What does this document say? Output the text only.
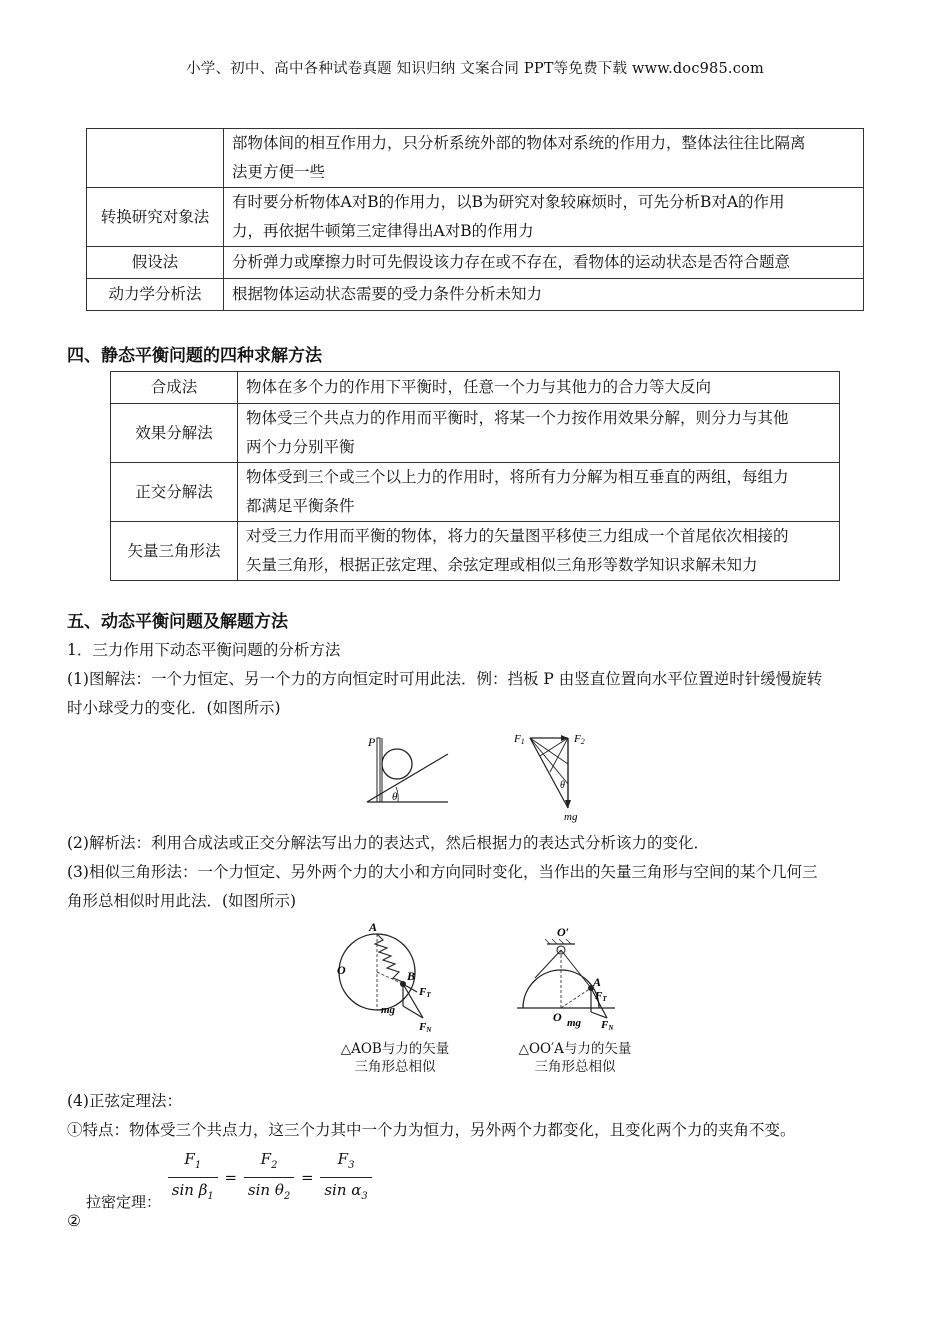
小学、初中、高中各种试卷真题 知识归纳 文案合同 PPT等免费下载 www.doc985.com
	部物体间的相互作用力，只分析系统外部的物体对系统的作用力，整体法往往比隔离
法更方便一些
转换研究对象法	有时要分析物体A对B的作用力，以B为研究对象较麻烦时，可先分析B对A的作用
力，再依据牛顿第三定律得出A对B的作用力
假设法	分析弹力或摩擦力时可先假设该力存在或不存在，看物体的运动状态是否符合题意
动力学分析法	根据物体运动状态需要的受力条件分析未知力
四、静态平衡问题的四种求解方法
合成法	物体在多个力的作用下平衡时，任意一个力与其他力的合力等大反向
效果分解法	物体受三个共点力的作用而平衡时，将某一个力按作用效果分解，则分力与其他
两个力分别平衡
正交分解法	物体受到三个或三个以上力的作用时，将所有力分解为相互垂直的两组，每组力
都满足平衡条件
矢量三角形法	对受三力作用而平衡的物体，将力的矢量图平移使三力组成一个首尾依次相接的
矢量三角形，根据正弦定理、余弦定理或相似三角形等数学知识求解未知力
五、动态平衡问题及解题方法
1．三力作用下动态平衡问题的分析方法
(1)图解法：一个力恒定、另一个力的方向恒定时可用此法．例：挡板 P 由竖直位置向水平位置逆时针缓慢旋转
时小球受力的变化．(如图所示)
P
θ
F1	F2
θ
mg
(2)解析法：利用合成法或正交分解法写出力的表达式，然后根据力的表达式分析该力的变化．
(3)相似三角形法：一个力恒定、另外两个力的大小和方向同时变化，当作出的矢量三角形与空间的某个几何三
角形总相似时用此法．(如图所示)
A
O	B
FT
mg
FN
O′
A
FT
O mg FN
△AOB与力的矢量
三角形总相似
△OO′A与力的矢量
三角形总相似
(4)正弦定理法：
①特点：物体受三个共点力，这三个力其中一个力为恒力，另外两个力都变化，且变化两个力的夹角不变。
拉密定理： $\frac{F_1}{\sin \beta_1} = \frac{F_2}{\sin \theta_2} = \frac{F_3}{\sin \alpha_3}$
②
